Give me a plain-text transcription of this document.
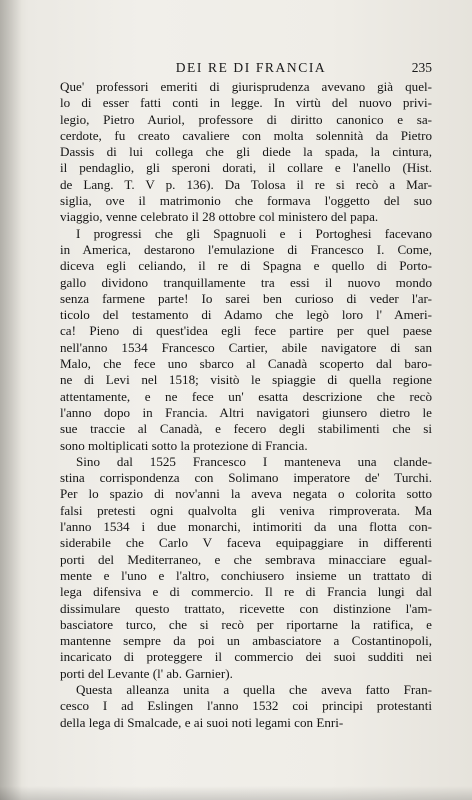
DEI RE DI FRANCIA	235
Que' professori emeriti di giurisprudenza avevano già quel-
lo di esser fatti conti in legge. In virtù del nuovo privi-
legio, Pietro Auriol, professore di diritto canonico e sa-
cerdote, fu creato cavaliere con molta solennità da Pietro
Dassis di lui collega che gli diede la spada, la cintura,
il pendaglio, gli speroni dorati, il collare e l'anello (Hist.
de Lang. T. V p. 136). Da Tolosa il re si recò a Mar-
siglia, ove il matrimonio che formava l'oggetto del suo
viaggio, venne celebrato il 28 ottobre col ministero del papa.
I progressi che gli Spagnuoli e i Portoghesi facevano
in America, destarono l'emulazione di Francesco I. Come,
diceva egli celiando, il re di Spagna e quello di Porto-
gallo dividono tranquillamente tra essi il nuovo mondo
senza farmene parte! Io sarei ben curioso di veder l'ar-
ticolo del testamento di Adamo che legò loro l' Ameri-
ca! Pieno di quest'idea egli fece partire per quel paese
nell'anno 1534 Francesco Cartier, abile navigatore di san
Malo, che fece uno sbarco al Canadà scoperto dal baro-
ne di Levi nel 1518; visitò le spiaggie di quella regione
attentamente, e ne fece un' esatta descrizione che recò
l'anno dopo in Francia. Altri navigatori giunsero dietro le
sue traccie al Canadà, e fecero degli stabilimenti che si
sono moltiplicati sotto la protezione di Francia.
Sino dal 1525 Francesco I manteneva una clande-
stina corrispondenza con Solimano imperatore de' Turchi.
Per lo spazio di nov'anni la aveva negata o colorita sotto
falsi pretesti ogni qualvolta gli veniva rimproverata. Ma
l'anno 1534 i due monarchi, intimoriti da una flotta con-
siderabile che Carlo V faceva equipaggiare in differenti
porti del Mediterraneo, e che sembrava minacciare egual-
mente e l'uno e l'altro, conchiusero insieme un trattato di
lega difensiva e di commercio. Il re di Francia lungi dal
dissimulare questo trattato, ricevette con distinzione l'am-
basciatore turco, che si recò per riportarne la ratifica, e
mantenne sempre da poi un ambasciatore a Costantinopoli,
incaricato di proteggere il commercio dei suoi sudditi nei
porti del Levante (l' ab. Garnier).
Questa alleanza unita a quella che aveva fatto Fran-
cesco I ad Eslingen l'anno 1532 coi principi protestanti
della lega di Smalcade, e ai suoi noti legami con Enri-
